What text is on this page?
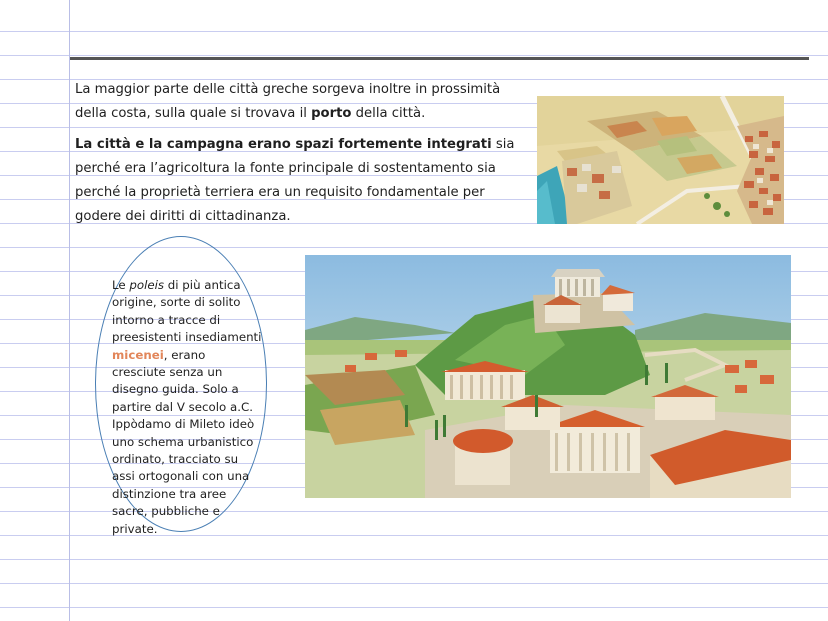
La maggior parte delle città greche sorgeva inoltre in prossimità della costa, sulla quale si trovava il porto della città.

La città e la campagna erano spazi fortemente integrati sia perché era l’agricoltura la fonte principale di sostentamento sia perché la proprietà terriera era un requisito fondamentale per godere dei diritti di cittadinanza.

Le poleis di più antica origine, sorte di solito intorno a tracce di preesistenti insediamenti micenei, erano cresciute senza un disegno guida. Solo a partire dal V secolo a.C. Ippòdamo di Mileto ideò uno schema urbanistico ordinato, tracciato su assi ortogonali con una distinzione tra aree sacre, pubbliche e private.
